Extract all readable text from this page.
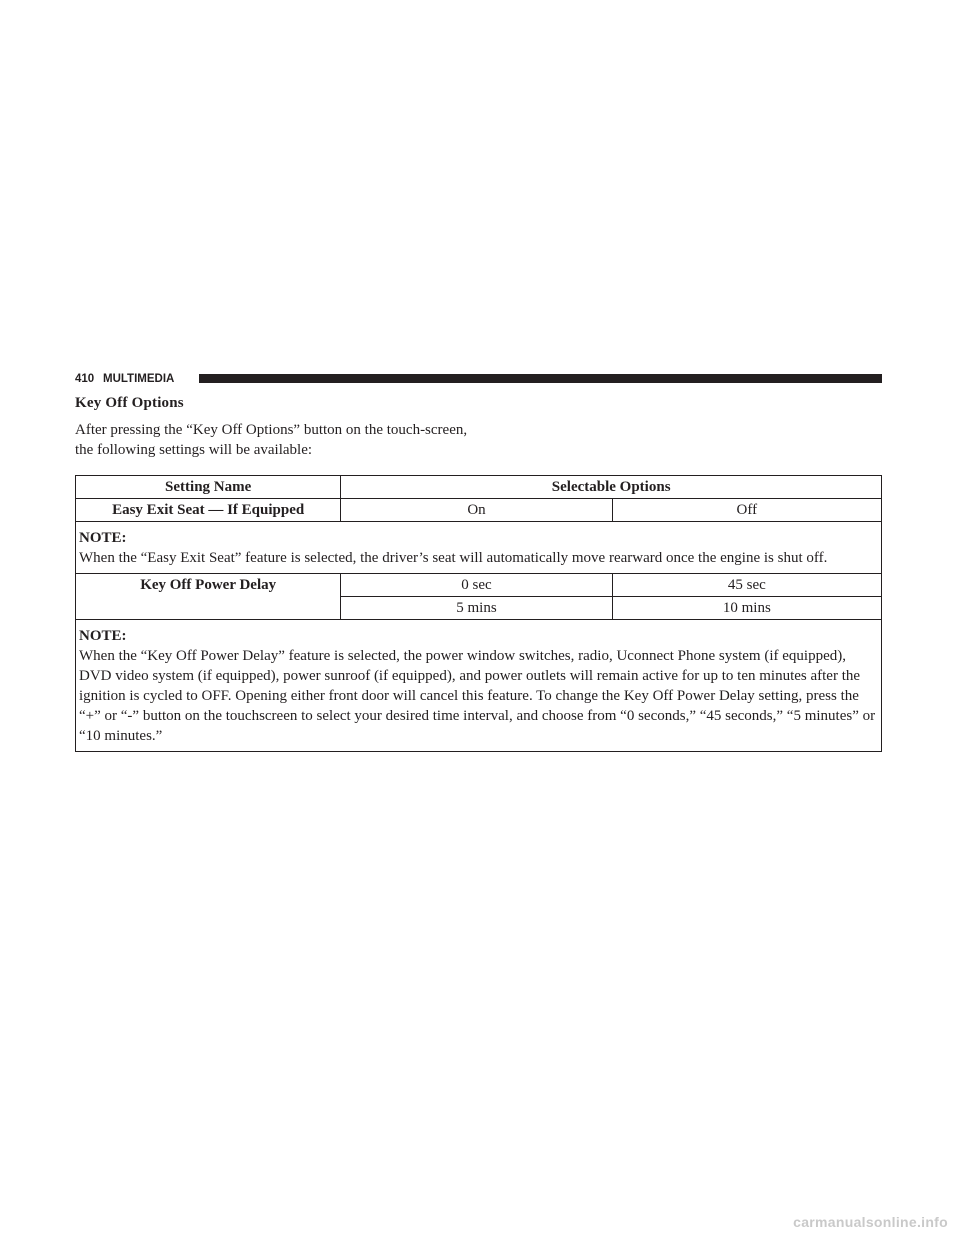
410 MULTIMEDIA
Key Off Options

After pressing the “Key Off Options” button on the touch-screen, the following settings will be available:

Setting Name	Selectable Options	
Easy Exit Seat — If Equipped	On	Off

NOTE:
When the “Easy Exit Seat” feature is selected, the driver’s seat will automatically move rearward once the engine is shut off.		

Key Off Power Delay	0 sec	45 sec
	5 mins	10 mins

NOTE:
When the “Key Off Power Delay” feature is selected, the power window switches, radio, Uconnect Phone system (if equipped), DVD video system (if equipped), power sunroof (if equipped), and power outlets will remain active for up to ten minutes after the ignition is cycled to OFF. Opening either front door will cancel this feature. To change the Key Off Power Delay setting, press the “+” or “-” button on the touchscreen to select your desired time interval, and choose from “0 seconds,” “45 seconds,” “5 minutes” or “10 minutes.”		
carmanualsonline.info
